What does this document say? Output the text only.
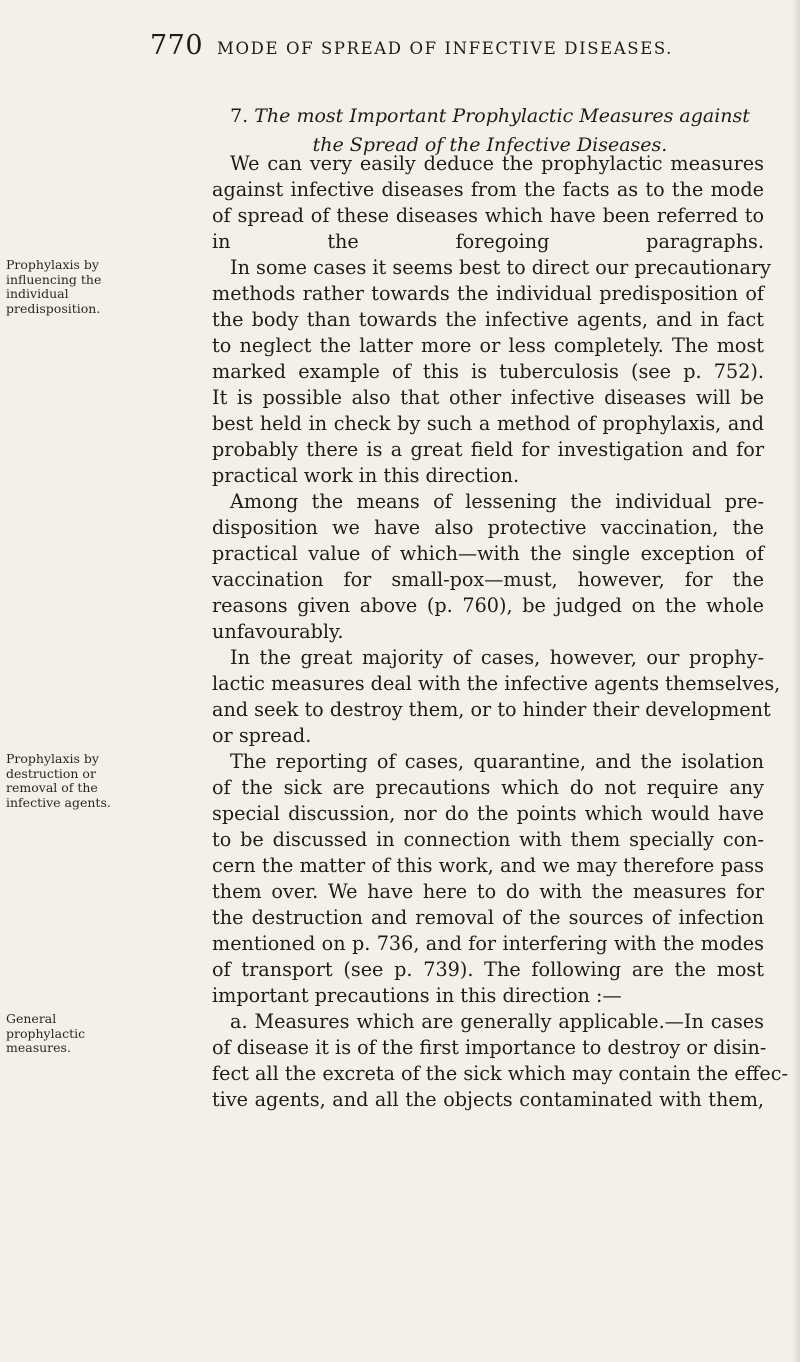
770 MODE OF SPREAD OF INFECTIVE DISEASES.
7. The most Important Prophylactic Measures against
the Spread of the Infective Diseases.
We can very easily deduce the prophylactic measures
against infective diseases from the facts as to the mode
of spread of these diseases which have been referred to
in the foregoing paragraphs.
In some cases it seems best to direct our precautionary
methods rather towards the individual predisposition of
the body than towards the infective agents, and in fact
to neglect the latter more or less completely. The most
marked example of this is tuberculosis (see p. 752).
It is possible also that other infective diseases will be
best held in check by such a method of prophylaxis, and
probably there is a great field for investigation and for
practical work in this direction.
Among the means of lessening the individual pre-
disposition we have also protective vaccination, the
practical value of which—with the single exception of
vaccination for small-pox—must, however, for the
reasons given above (p. 760), be judged on the whole
unfavourably.
In the great majority of cases, however, our prophy-
lactic measures deal with the infective agents themselves,
and seek to destroy them, or to hinder their development
or spread.
The reporting of cases, quarantine, and the isolation
of the sick are precautions which do not require any
special discussion, nor do the points which would have
to be discussed in connection with them specially con-
cern the matter of this work, and we may therefore pass
them over. We have here to do with the measures for
the destruction and removal of the sources of infection
mentioned on p. 736, and for interfering with the modes
of transport (see p. 739). The following are the most
important precautions in this direction :—
a. Measures which are generally applicable.—In cases
of disease it is of the first importance to destroy or disin-
fect all the excreta of the sick which may contain the effec-
tive agents, and all the objects contaminated with them,
Prophylaxis by influencing the individual predisposition.
Prophylaxis by destruction or removal of the infective agents.
General prophylactic measures.
